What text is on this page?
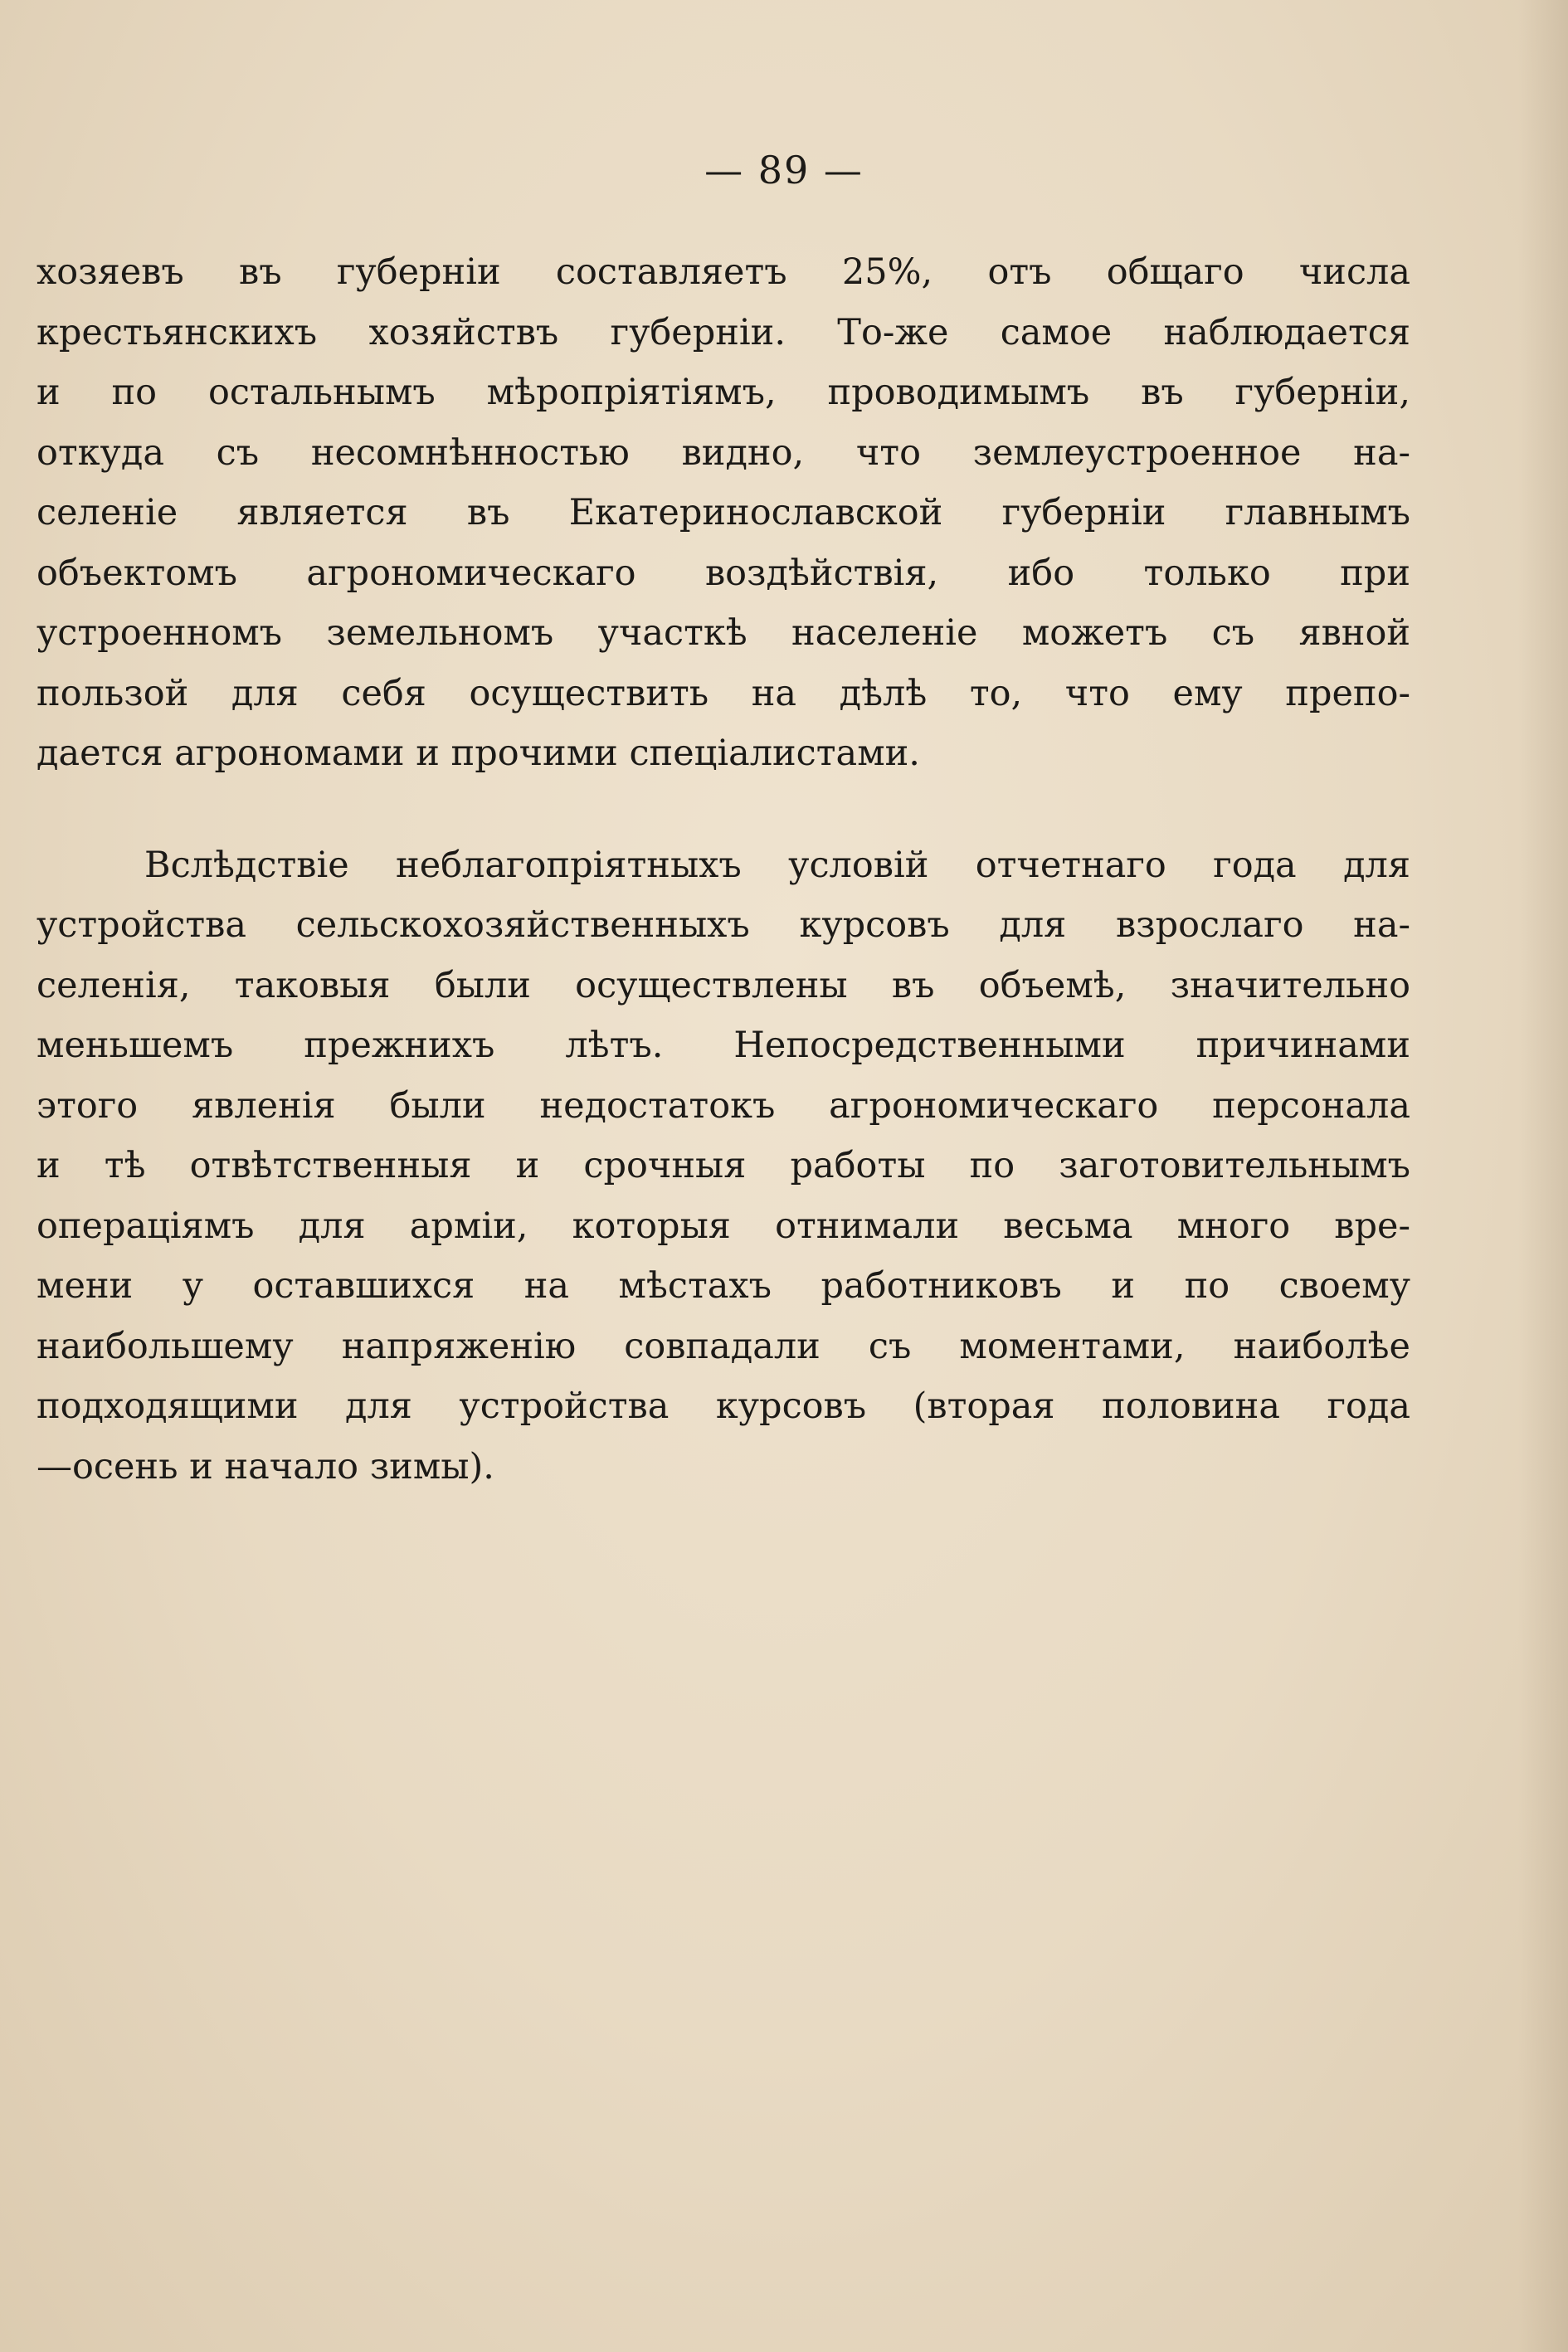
— 89 —
хозяевъ въ губерніи составляетъ 25%, отъ общаго числа
крестьянскихъ хозяйствъ губерніи. То-же самое наблюдается
и по остальнымъ мѣропріятіямъ, проводимымъ въ губерніи,
откуда съ несомнѣнностью видно, что землеустроенное на-
селеніе является въ Екатеринославской губерніи главнымъ
объектомъ агрономическаго воздѣйствія, ибо только при
устроенномъ земельномъ участкѣ населеніе можетъ съ явной
пользой для себя осуществить на дѣлѣ то, что ему препо-
дается агрономами и прочими спеціалистами.
Вслѣдствіе неблагопріятныхъ условій отчетнаго года для
устройства сельскохозяйственныхъ курсовъ для взрослаго на-
селенія, таковыя были осуществлены въ объемѣ, значительно
меньшемъ прежнихъ лѣтъ. Непосредственными причинами
этого явленія были недостатокъ агрономическаго персонала
и тѣ отвѣтственныя и срочныя работы по заготовительнымъ
операціямъ для арміи, которыя отнимали весьма много вре-
мени у оставшихся на мѣстахъ работниковъ и по своему
наибольшему напряженію совпадали съ моментами, наиболѣе
подходящими для устройства курсовъ (вторая половина года
—осень и начало зимы).
